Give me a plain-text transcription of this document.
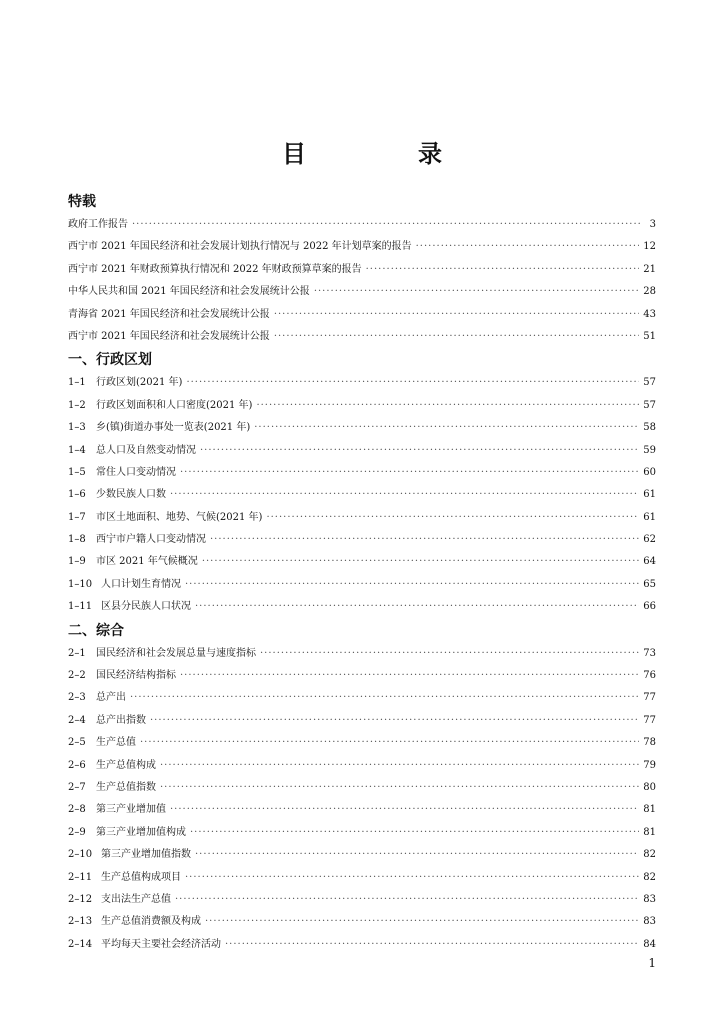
目　录
特载
政府工作报告 ·····	3
西宁市 2021 年国民经济和社会发展计划执行情况与 2022 年计划草案的报告 ·····	12
西宁市 2021 年财政预算执行情况和 2022 年财政预算草案的报告 ·····	21
中华人民共和国 2021 年国民经济和社会发展统计公报 ·····	28
青海省 2021 年国民经济和社会发展统计公报 ·····	43
西宁市 2021 年国民经济和社会发展统计公报 ·····	51
一、行政区划
1–1	行政区划(2021 年) ·····	57
1–2	行政区划面积和人口密度(2021 年) ·····	57
1–3	乡(镇)街道办事处一览表(2021 年) ·····	58
1–4	总人口及自然变动情况 ·····	59
1–5	常住人口变动情况 ·····	60
1–6	少数民族人口数 ·····	61
1–7	市区土地面积、地势、气候(2021 年) ·····	61
1–8	西宁市户籍人口变动情况 ·····	62
1–9	市区 2021 年气候概况 ·····	64
1–10 人口计划生育情况 ·····	65
1–11 区县分民族人口状况 ·····	66
二、综合
2–1	国民经济和社会发展总量与速度指标 ·····	73
2–2	国民经济结构指标 ·····	76
2–3	总产出 ·····	77
2–4	总产出指数 ·····	77
2–5	生产总值 ·····	78
2–6	生产总值构成 ·····	79
2–7	生产总值指数 ·····	80
2–8	第三产业增加值 ·····	81
2–9	第三产业增加值构成 ·····	81
2–10 第三产业增加值指数 ·····	82
2–11 生产总值构成项目 ·····	82
2–12 支出法生产总值 ·····	83
2–13 生产总值消费额及构成 ·····	83
2–14 平均每天主要社会经济活动 ·····	84
1
